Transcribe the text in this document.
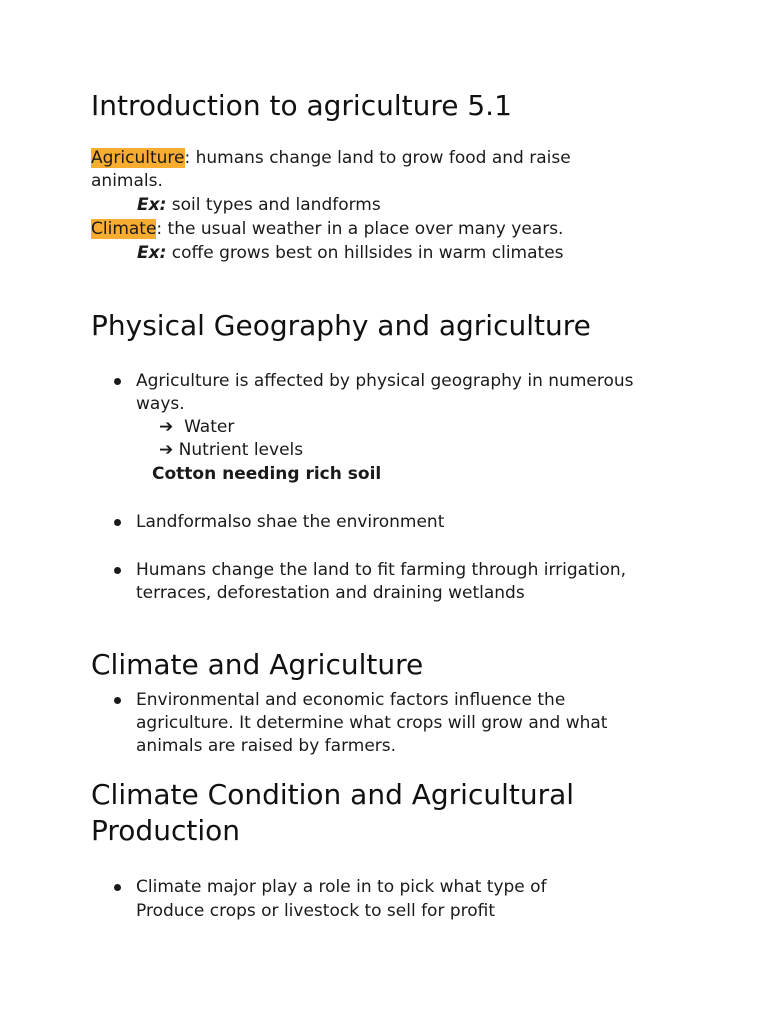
Introduction to agriculture 5.1
Agriculture: humans change land to grow food and raise
animals.
Ex: soil types and landforms
Climate: the usual weather in a place over many years.
Ex: coffe grows best on hillsides in warm climates
Physical Geography and agriculture
Agriculture is affected by physical geography in numerous
ways.
➔ Water
➔ Nutrient levels
Cotton needing rich soil
Landformalso shae the environment
Humans change the land to fit farming through irrigation,
terraces, deforestation and draining wetlands
Climate and Agriculture
Environmental and economic factors influence the
agriculture. It determine what crops will grow and what
animals are raised by farmers.
Climate Condition and Agricultural
Production
Climate major play a role in to pick what type of
Produce crops or livestock to sell for profit
